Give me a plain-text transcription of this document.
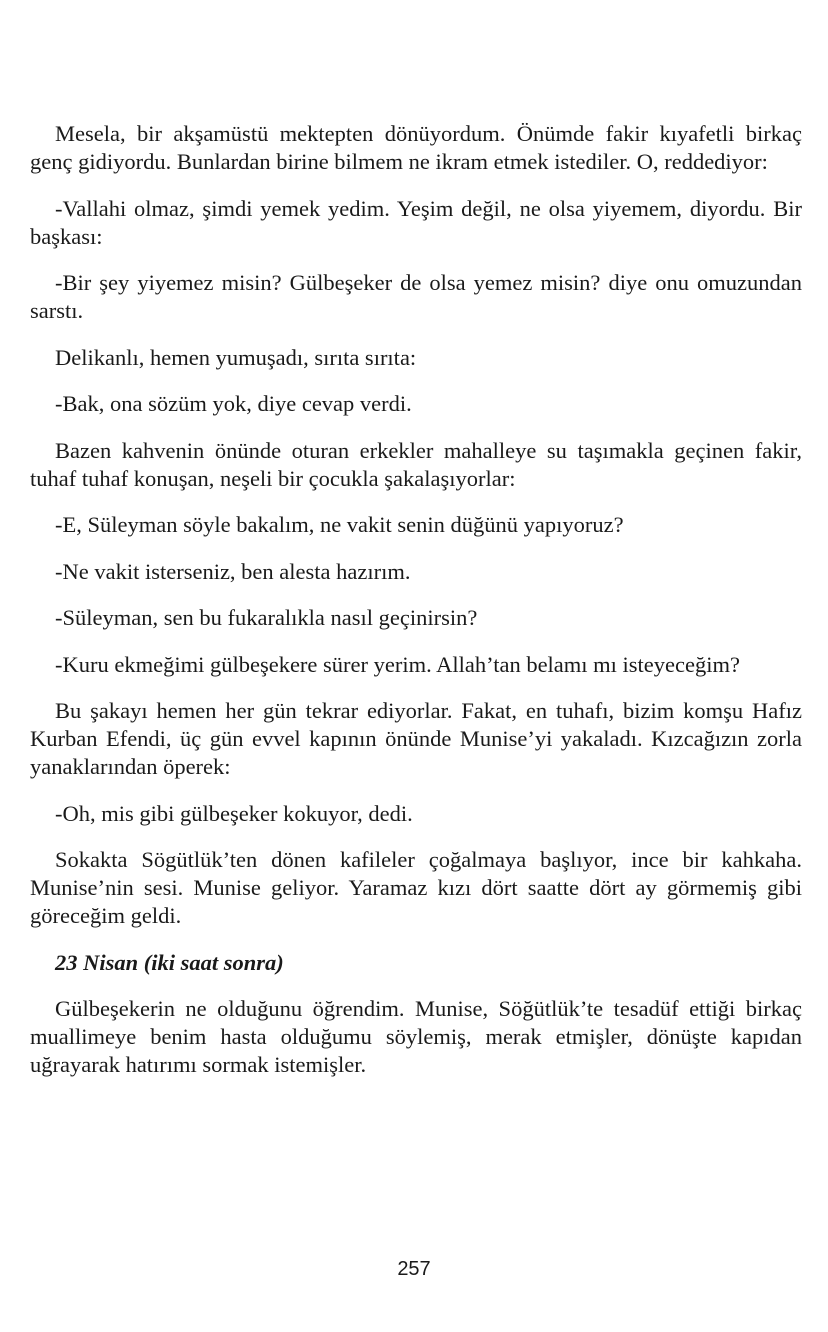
Mesela, bir akşamüstü mektepten dönüyordum. Önümde fakir kıyafetli birkaç genç gidiyordu. Bunlardan birine bilmem ne ikram etmek istediler. O, reddediyor:

-Vallahi olmaz, şimdi yemek yedim. Yeşim değil, ne olsa yiyemem, diyordu. Bir başkası:

-Bir şey yiyemez misin? Gülbeşeker de olsa yemez misin? diye onu omuzundan sarstı.

Delikanlı, hemen yumuşadı, sırıta sırıta:

-Bak, ona sözüm yok, diye cevap verdi.

Bazen kahvenin önünde oturan erkekler mahalleye su taşımakla geçinen fakir, tuhaf tuhaf konuşan, neşeli bir çocukla şakalaşıyorlar:

-E, Süleyman söyle bakalım, ne vakit senin düğünü yapıyoruz?

-Ne vakit isterseniz, ben alesta hazırım.

-Süleyman, sen bu fukaralıkla nasıl geçinirsin?

-Kuru ekmeğimi gülbeşekere sürer yerim. Allah’tan belamı mı isteyeceğim?

Bu şakayı hemen her gün tekrar ediyorlar. Fakat, en tuhafı, bizim komşu Hafız Kurban Efendi, üç gün evvel kapının önünde Munise’yi yakaladı. Kızcağızın zorla yanaklarından öperek:

-Oh, mis gibi gülbeşeker kokuyor, dedi.

Sokakta Sögütlük’ten dönen kafileler çoğalmaya başlıyor, ince bir kahkaha. Munise’nin sesi. Munise geliyor. Yaramaz kızı dört saatte dört ay görmemiş gibi göreceğim geldi.

23 Nisan (iki saat sonra)

Gülbeşekerin ne olduğunu öğrendim. Munise, Söğütlük’te tesadüf ettiği birkaç muallimeye benim hasta olduğumu söylemiş, merak etmişler, dönüşte kapıdan uğrayarak hatırımı sormak istemişler.

257
